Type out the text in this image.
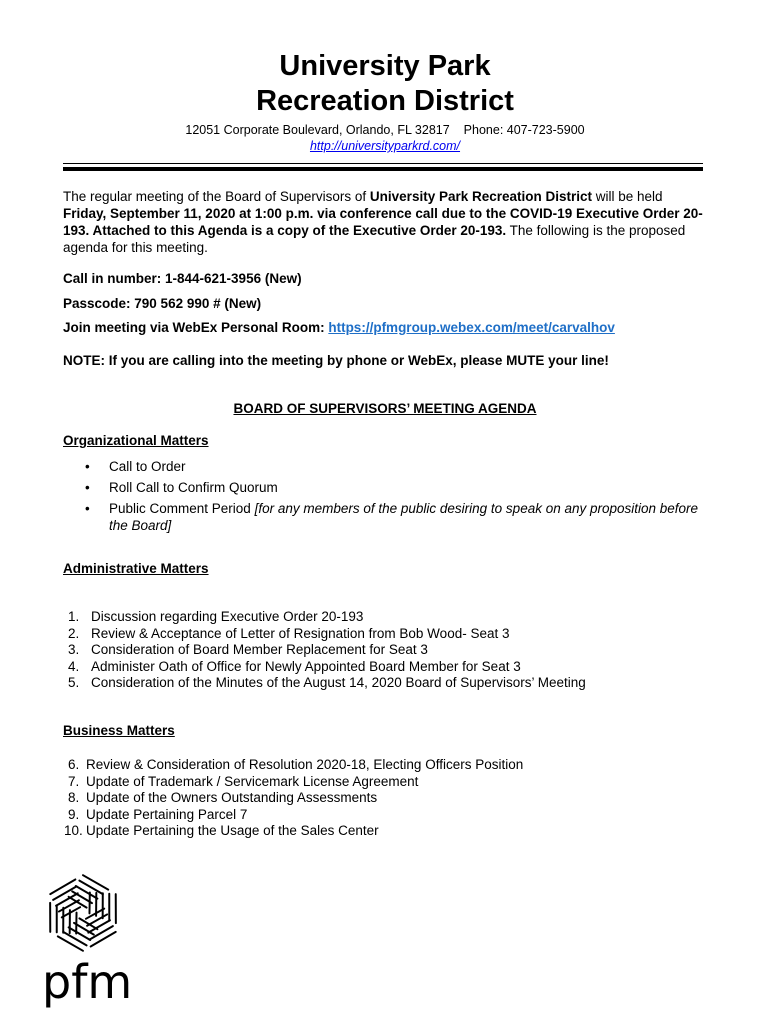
University Park
Recreation District
12051 Corporate Boulevard, Orlando, FL 32817 Phone: 407-723-5900
http://universityparkrd.com/
The regular meeting of the Board of Supervisors of University Park Recreation District will be held Friday, September 11, 2020 at 1:00 p.m. via conference call due to the COVID-19 Executive Order 20-193. Attached to this Agenda is a copy of the Executive Order 20-193. The following is the proposed agenda for this meeting.
Call in number: 1-844-621-3956 (New)
Passcode: 790 562 990 # (New)
Join meeting via WebEx Personal Room: https://pfmgroup.webex.com/meet/carvalhov
NOTE: If you are calling into the meeting by phone or WebEx, please MUTE your line!
BOARD OF SUPERVISORS’ MEETING AGENDA
Organizational Matters
• Call to Order
• Roll Call to Confirm Quorum
• Public Comment Period [for any members of the public desiring to speak on any proposition before the Board]
Administrative Matters
1. Discussion regarding Executive Order 20-193
2. Review & Acceptance of Letter of Resignation from Bob Wood- Seat 3
3. Consideration of Board Member Replacement for Seat 3
4. Administer Oath of Office for Newly Appointed Board Member for Seat 3
5. Consideration of the Minutes of the August 14, 2020 Board of Supervisors’ Meeting
Business Matters
6. Review & Consideration of Resolution 2020-18, Electing Officers Position
7. Update of Trademark / Servicemark License Agreement
8. Update of the Owners Outstanding Assessments
9. Update Pertaining Parcel 7
10. Update Pertaining the Usage of the Sales Center
pfm
